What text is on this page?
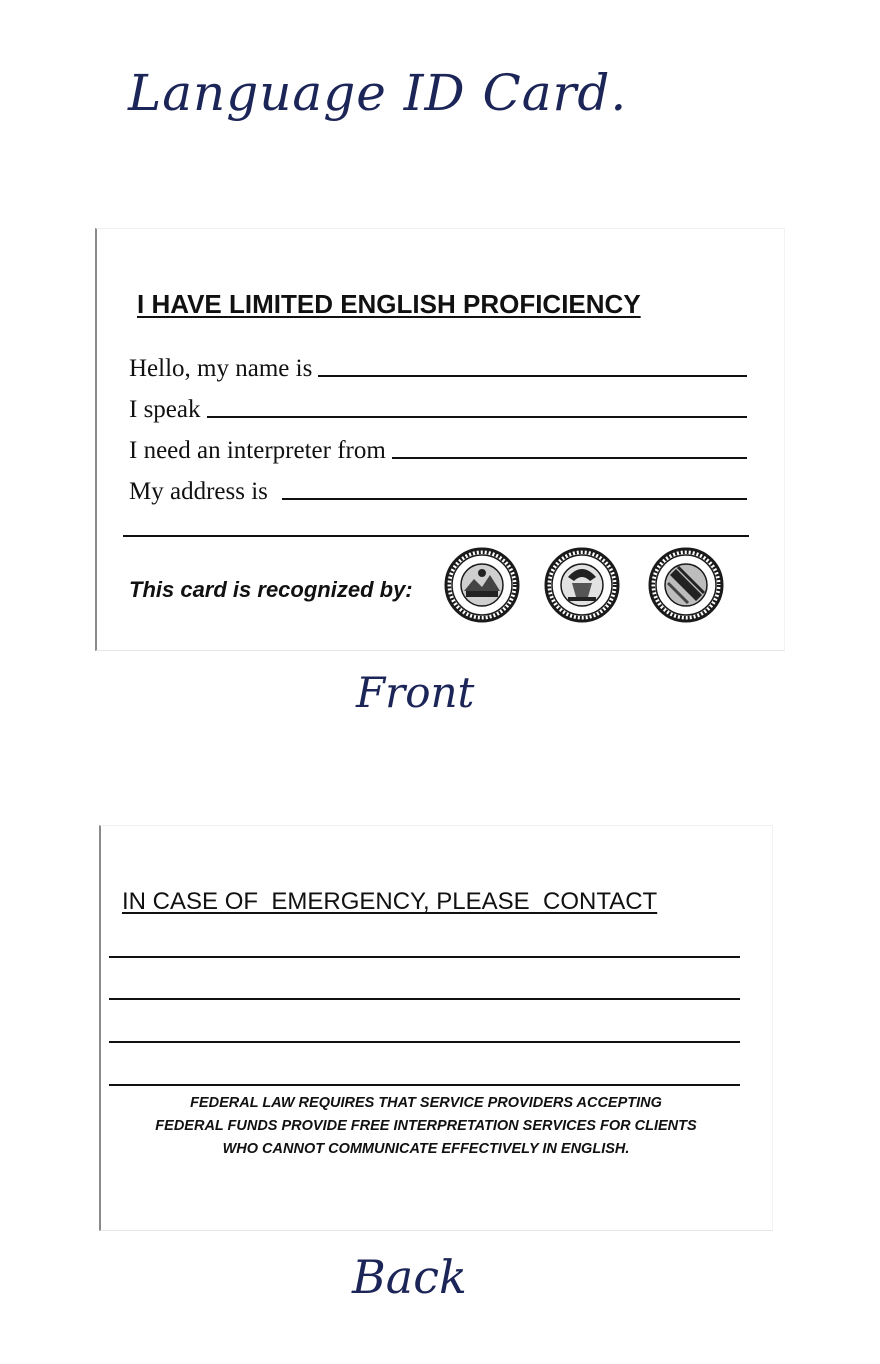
Language ID Card.
I HAVE LIMITED ENGLISH PROFICIENCY
Hello, my name is
I speak
I need an interpreter from
My address is
This card is recognized by:
Front
IN CASE OF  EMERGENCY, PLEASE  CONTACT
FEDERAL LAW REQUIRES THAT SERVICE PROVIDERS ACCEPTING
FEDERAL FUNDS PROVIDE FREE INTERPRETATION SERVICES FOR CLIENTS
WHO CANNOT COMMUNICATE EFFECTIVELY IN ENGLISH.
Back
